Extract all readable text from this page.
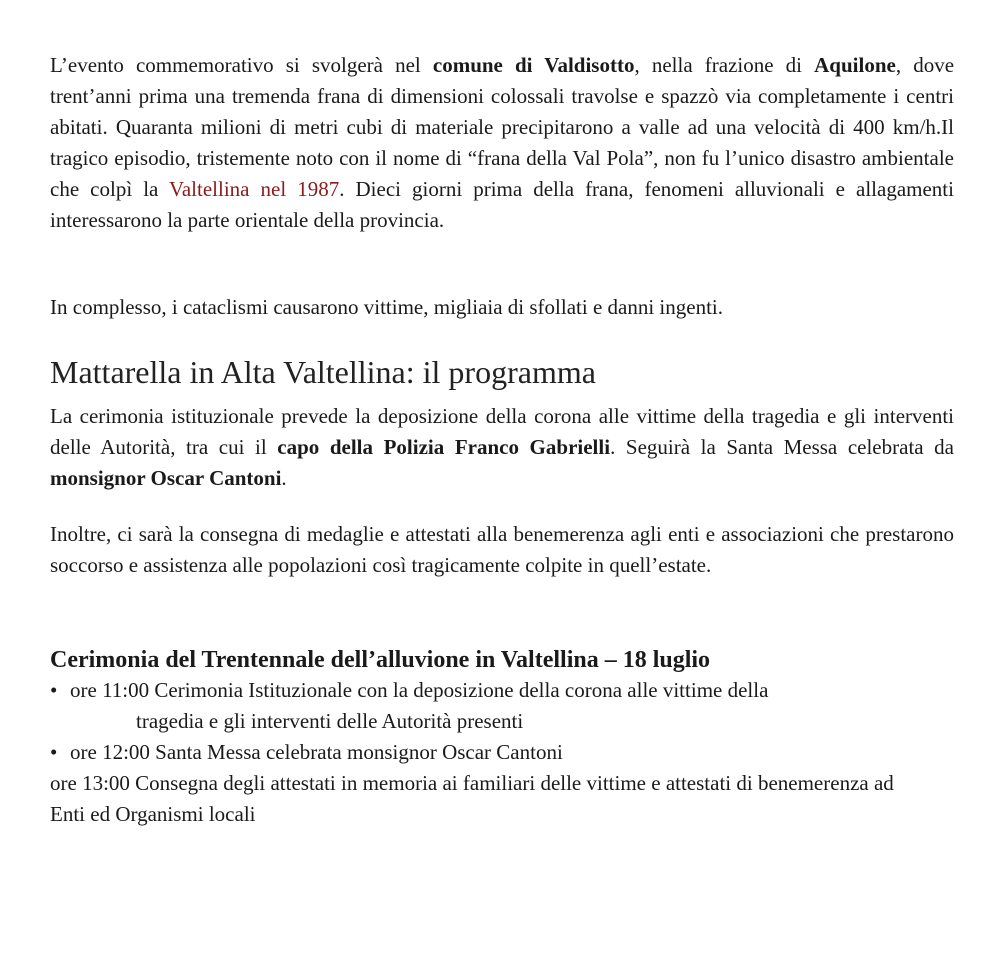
L’evento commemorativo si svolgerà nel comune di Valdisotto, nella frazione di Aquilone, dove trent’anni prima una tremenda frana di dimensioni colossali travolse e spazzò via completamente i centri abitati. Quaranta milioni di metri cubi di materiale precipitarono a valle ad una velocità di 400 km/h.Il tragico episodio, tristemente noto con il nome di “frana della Val Pola”, non fu l’unico disastro ambientale che colpì la Valtellina nel 1987. Dieci giorni prima della frana, fenomeni alluvionali e allagamenti interessarono la parte orientale della provincia.

In complesso, i cataclismi causarono vittime, migliaia di sfollati e danni ingenti.

Mattarella in Alta Valtellina: il programma

La cerimonia istituzionale prevede la deposizione della corona alle vittime della tragedia e gli interventi delle Autorità, tra cui il capo della Polizia Franco Gabrielli. Seguirà la Santa Messa celebrata da monsignor Oscar Cantoni.

Inoltre, ci sarà la consegna di medaglie e attestati alla benemerenza agli enti e associazioni che prestarono soccorso e assistenza alle popolazioni così tragicamente colpite in quell’estate.

Cerimonia del Trentennale dell’alluvione in Valtellina – 18 luglio
• ore 11:00 Cerimonia Istituzionale con la deposizione della corona alle vittime della
tragedia e gli interventi delle Autorità presenti
• ore 12:00 Santa Messa celebrata monsignor Oscar Cantoni
ore 13:00 Consegna degli attestati in memoria ai familiari delle vittime e attestati di benemerenza ad Enti ed Organismi locali
